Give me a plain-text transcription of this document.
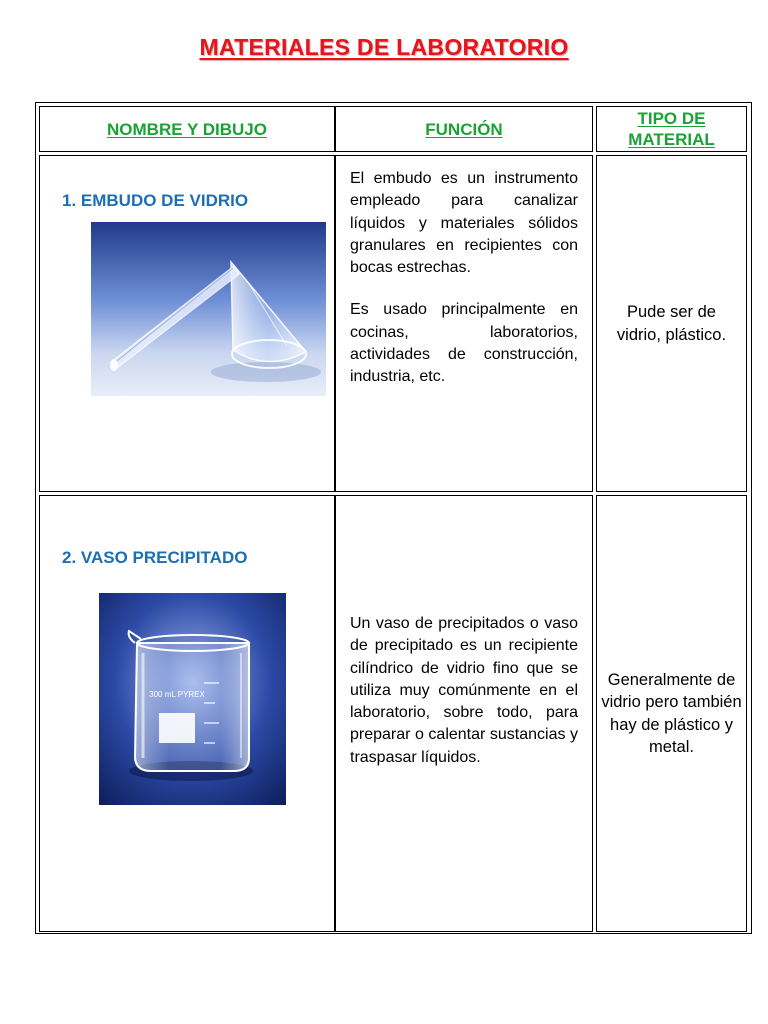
MATERIALES DE LABORATORIO
NOMBRE Y DIBUJO	FUNCIÓN
TIPO DE MATERIAL
1. EMBUDO DE VIDRIO

El embudo es un instrumento empleado para canalizar líquidos y materiales sólidos granulares en recipientes con bocas estrechas.

Es usado principalmente en cocinas, laboratorios, actividades de construcción, industria, etc.

Pude ser de vidrio, plástico.
2. VASO PRECIPITADO
300 mL PYREX

Un vaso de precipitados o vaso de precipitado es un recipiente cilíndrico de vidrio fino que se utiliza muy comúnmente en el laboratorio, sobre todo, para preparar o calentar sustancias y traspasar líquidos.

Generalmente de vidrio pero también hay de plástico y metal.
